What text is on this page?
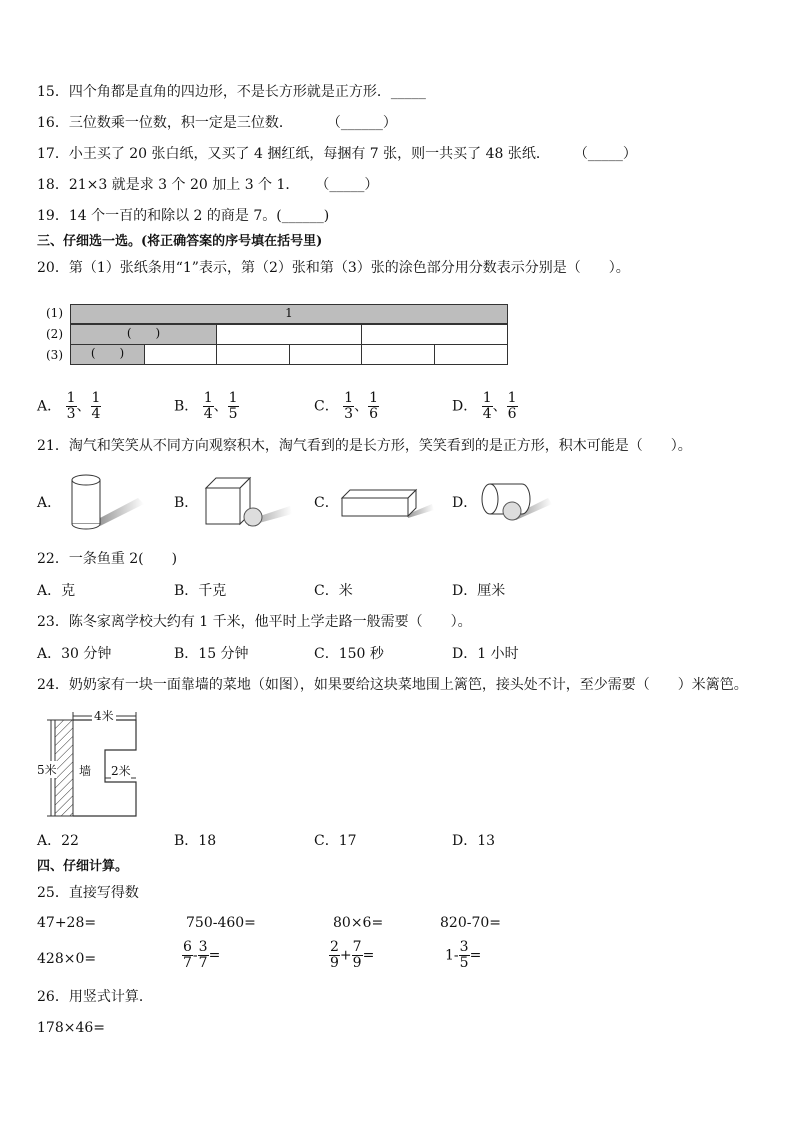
15．四个角都是直角的四边形，不是长方形就是正方形．_____
16．三位数乘一位数，积一定是三位数． （______）
17．小王买了 20 张白纸，又买了 4 捆红纸，每捆有 7 张，则一共买了 48 张纸． （_____）
18．21×3 就是求 3 个 20 加上 3 个 1． （_____）
19．14 个一百的和除以 2 的商是 7。(______)
三、仔细选一选。(将正确答案的序号填在括号里)
20．第（1）张纸条用“1”表示，第（2）张和第（3）张的涂色部分用分数表示分别是（　　）。
(1)
(2)
(3)
1
(　　)
(　　)
A． $\frac{1}{3}$ 、 $\frac{1}{4}$	B． $\frac{1}{4}$ 、 $\frac{1}{5}$	C． $\frac{1}{3}$ 、 $\frac{1}{6}$	D． $\frac{1}{4}$ 、 $\frac{1}{6}$
21．淘气和笑笑从不同方向观察积木，淘气看到的是长方形，笑笑看到的是正方形，积木可能是（　　）。
A．	B．	C．	D．
22．一条鱼重 2(　　)
A．克	B．千克	C．米	D．厘米
23．陈冬家离学校大约有 1 千米，他平时上学走路一般需要（　　）。
A．30 分钟	B．15 分钟	C．150 秒	D．1 小时
24．奶奶家有一块一面靠墙的菜地（如图），如果要给这块菜地围上篱笆，接头处不计，至少需要（　　）米篱笆。
4米
5米 墙 2米
A．22	B．18	C．17	D．13
四、仔细计算。
25．直接写得数
47+28=	750-460=	80×6=	820-70=
428×0=	$\frac{6}{7} - \frac{3}{7}$ =	$\frac{2}{9} + \frac{7}{9}$ =	$1- \frac{3}{5}$ =
26．用竖式计算．
178×46=
